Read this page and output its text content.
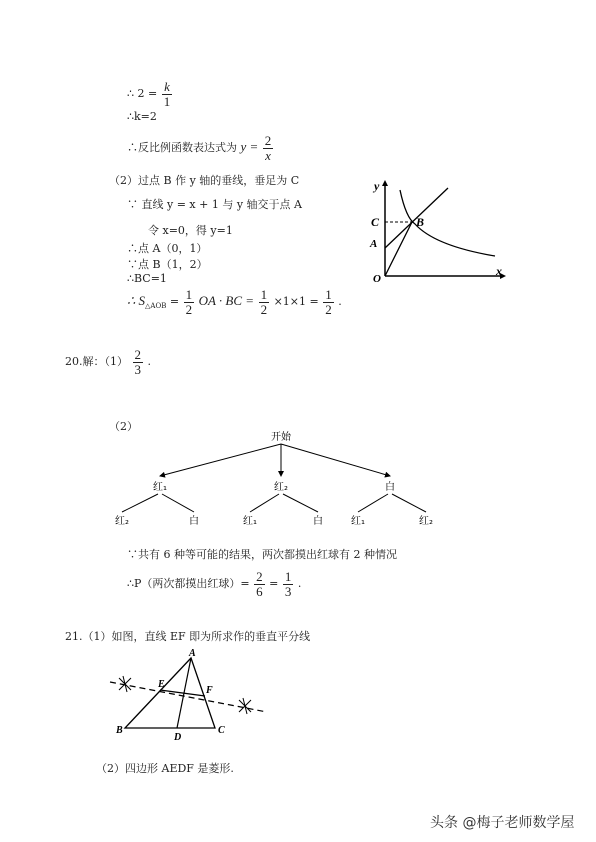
∴ $2 = \frac{k}{1}$
∴k=2
∴反比例函数表达式为 $y = \frac{2}{x}$
（2）过点 B 作 y 轴的垂线，垂足为 C
∵ 直线 y = x + 1 与 y 轴交于点 A
令 x=0，得 y=1
∴点 A（0，1）
∵点 B（1，2）
∴BC=1
∴ $S_{\triangle AOB} = \frac{1}{2}$ OA · BC = $\frac{1}{2} \times 1\times 1 = \frac{1}{2}$ .
y
x
O
C
A
B
20.解：$(1) \frac{2}{3}$ .
（2）
开始
红₁	红₂	白
红₂	白	红₁	白	红₁	红₂
∵共有 6 种等可能的结果，两次都摸出红球有 2 种情况
∴P（两次都摸出红球）= $\frac{2}{6} = \frac{1}{3}$ .
21.（1）如图，直线 EF 即为所求作的垂直平分线
A
B	C
D
E
F
（2）四边形 AEDF 是菱形.
头条 @梅子老师数学屋
